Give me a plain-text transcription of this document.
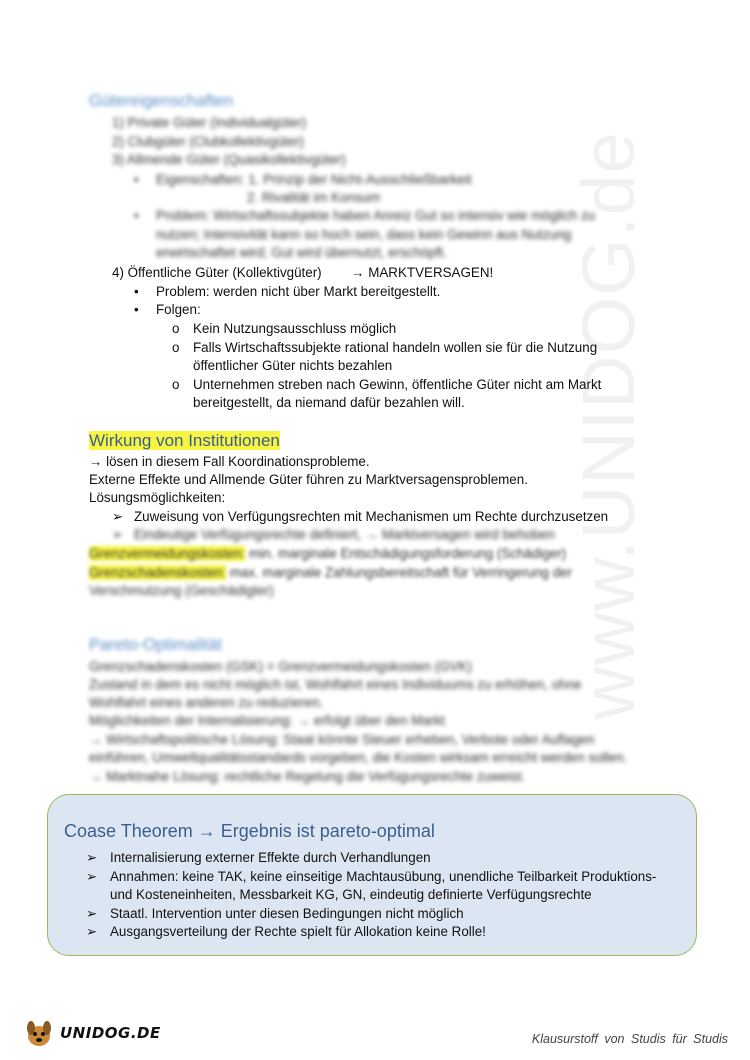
www.UNIDOG.de
Gütereigenschaften
1) Private Güter (Individualgüter)
2) Clubgüter (Clubkollektivgüter)
3) Allmende Güter (Quasikollektivgüter)
• Eigenschaften: 1. Prinzip der Nicht-Ausschließbarkeit
2. Rivalität im Konsum
• Problem: Wirtschaftssubjekte haben Anreiz Gut so intensiv wie möglich zu
nutzen; Intensivität kann so hoch sein, dass kein Gewinn aus Nutzung
erwirtschaftet wird; Gut wird übernutzt, erschöpft.
4) Öffentliche Güter (Kollektivgüter) → MARKTVERSAGEN!
• Problem: werden nicht über Markt bereitgestellt.
• Folgen:
o Kein Nutzungsausschluss möglich
o Falls Wirtschaftssubjekte rational handeln wollen sie für die Nutzung
öffentlicher Güter nichts bezahlen
o Unternehmen streben nach Gewinn, öffentliche Güter nicht am Markt
bereitgestellt, da niemand dafür bezahlen will.
Wirkung von Institutionen
→ lösen in diesem Fall Koordinationsprobleme.
Externe Effekte und Allmende Güter führen zu Marktversagensproblemen.
Lösungsmöglichkeiten:
➢ Zuweisung von Verfügungsrechten mit Mechanismen um Rechte durchzusetzen
➢ Eindeutige Verfügungsrechte definiert, → Marktversagen wird behoben
Grenzvermeidungskosten: min. marginale Entschädigungsforderung (Schädiger)
Grenzschadenskosten: max. marginale Zahlungsbereitschaft für Verringerung der
Verschmutzung (Geschädigter)
Pareto-Optimalität
Grenzschadenskosten (GSK) = Grenzvermeidungskosten (GVK)
Zustand in dem es nicht möglich ist, Wohlfahrt eines Individuums zu erhöhen, ohne
Wohlfahrt eines anderen zu reduzieren.
Möglichkeiten der Internalisierung: → erfolgt über den Markt
→ Wirtschaftspolitische Lösung: Staat könnte Steuer erheben, Verbote oder Auflagen
einführen, Umweltqualitätsstandards vorgeben, die Kosten wirksam erreicht werden sollen.
→ Marktnahe Lösung: rechtliche Regelung die Verfügungsrechte zuweist.
Coase Theorem → Ergebnis ist pareto-optimal
➢ Internalisierung externer Effekte durch Verhandlungen
➢ Annahmen: keine TAK, keine einseitige Machtausübung, unendliche Teilbarkeit Produktions-
und Kosteneinheiten, Messbarkeit KG, GN, eindeutig definierte Verfügungsrechte
➢ Staatl. Intervention unter diesen Bedingungen nicht möglich
➢ Ausgangsverteilung der Rechte spielt für Allokation keine Rolle!
UNIDOG.DE	Klausurstoff von Studis für Studis
